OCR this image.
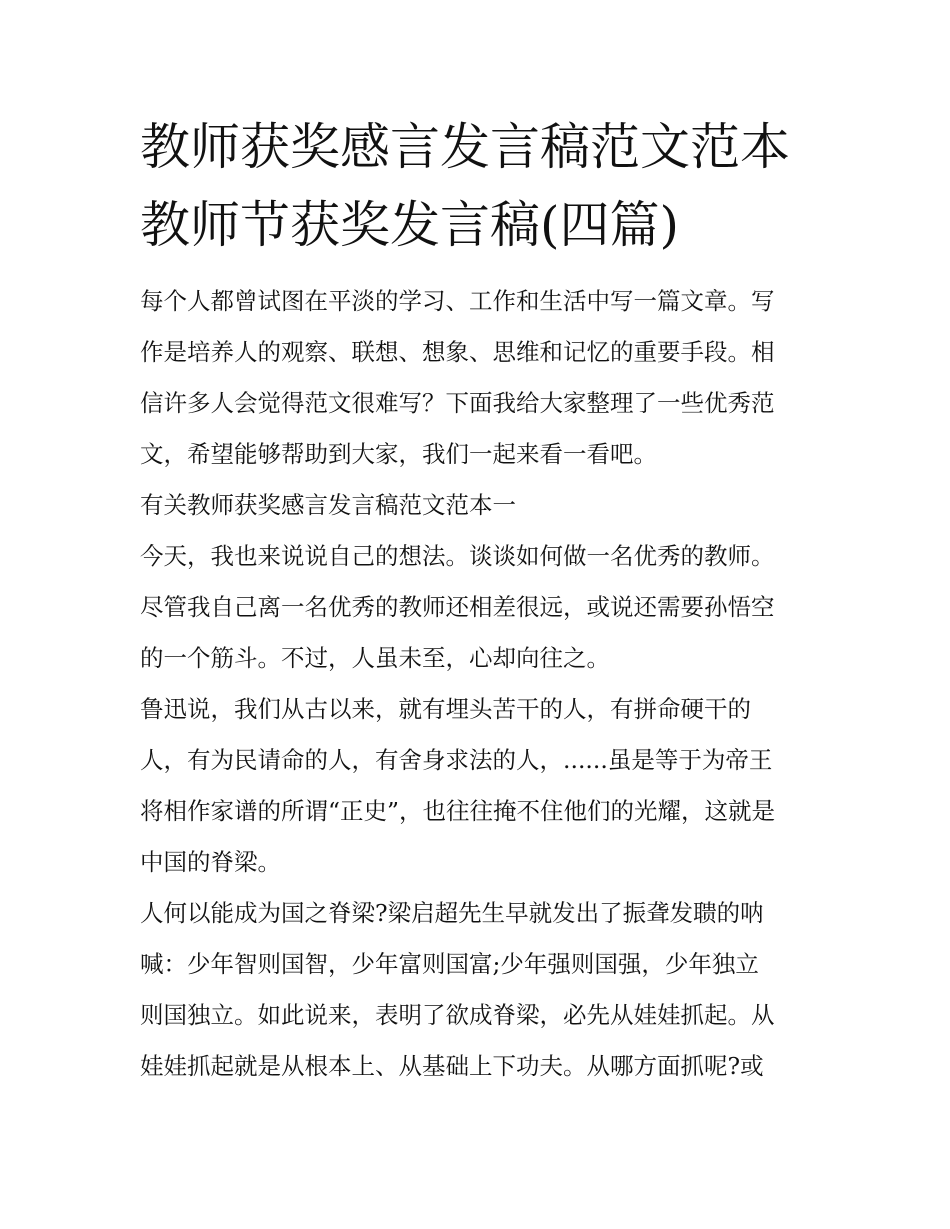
教师获奖感言发言稿范文范本
教师节获奖发言稿(四篇)
每个人都曾试图在平淡的学习、工作和生活中写一篇文章。写
作是培养人的观察、联想、想象、思维和记忆的重要手段。相
信许多人会觉得范文很难写？下面我给大家整理了一些优秀范
文，希望能够帮助到大家，我们一起来看一看吧。
有关教师获奖感言发言稿范文范本一
今天，我也来说说自己的想法。谈谈如何做一名优秀的教师。
尽管我自己离一名优秀的教师还相差很远，或说还需要孙悟空
的一个筋斗。不过，人虽未至，心却向往之。
鲁迅说，我们从古以来，就有埋头苦干的人，有拼命硬干的
人，有为民请命的人，有舍身求法的人，......虽是等于为帝王
将相作家谱的所谓“正史”，也往往掩不住他们的光耀，这就是
中国的脊梁。
人何以能成为国之脊梁?梁启超先生早就发出了振聋发聩的呐
喊：少年智则国智，少年富则国富;少年强则国强，少年独立
则国独立。如此说来，表明了欲成脊梁，必先从娃娃抓起。从
娃娃抓起就是从根本上、从基础上下功夫。从哪方面抓呢?或
